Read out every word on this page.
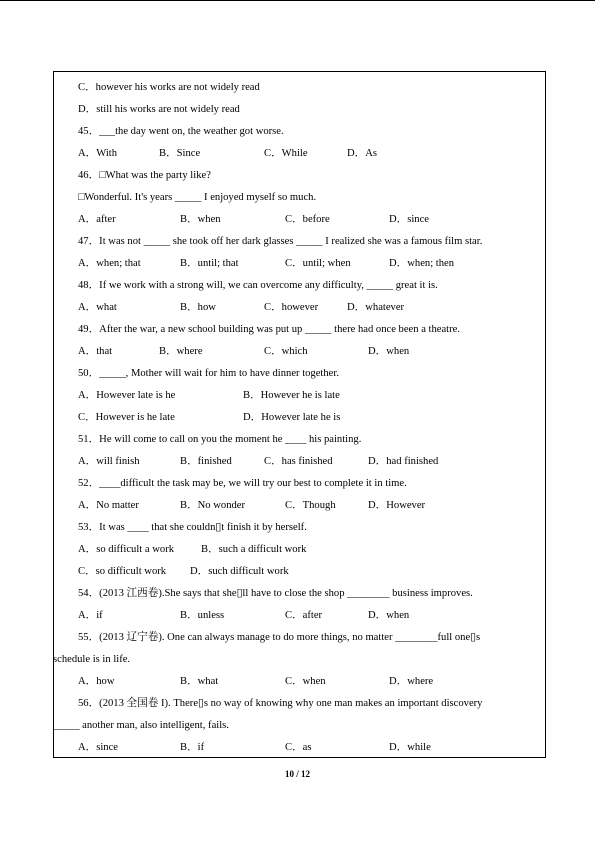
C．however his works are not widely read
D．still his works are not widely read
45．___the day went on, the weather got worse.
A．With	B．Since	C．While	D．As
46．□What was the party like?
□Wonderful. It's years _____ I enjoyed myself so much.
A．after	B．when	C．before	D．since
47．It was not _____ she took off her dark glasses _____ I realized she was a famous film star.
A．when; that	B．until; that	C．until; when	D．when; then
48．If we work with a strong will, we can overcome any difficulty, _____ great it is.
A．what	B．how	C．however	D．whatever
49．After the war, a new school building was put up _____ there had once been a theatre.
A．that	B．where	C．which	D．when
50．_____, Mother will wait for him to have dinner together.
A．However late is he	B．However he is late
C．However is he late	D．However late he is
51．He will come to call on you the moment he ____ his painting.
A．will finish	B．finished	C．has finished	D．had finished
52．____difficult the task may be, we will try our best to complete it in time.
A．No matter	B．No wonder	C．Though	D．However
53．It was ____ that she couldn▯t finish it by herself.
A．so difficult a work	B．such a difficult work
C．so difficult work D．such difficult work
54．(2013 江西卷).She says that she▯ll have to close the shop ________ business improves.
A．if	B．unless	C．after	D．when
55．(2013 辽宁卷). One can always manage to do more things, no matter ________full one▯s
schedule is in life.
A．how	B．what	C．when	D．where
56．(2013 全国卷 I). There▯s no way of knowing why one man makes an important discovery
_____ another man, also intelligent, fails.
A．since	B．if	C．as	D．while
10 / 12
